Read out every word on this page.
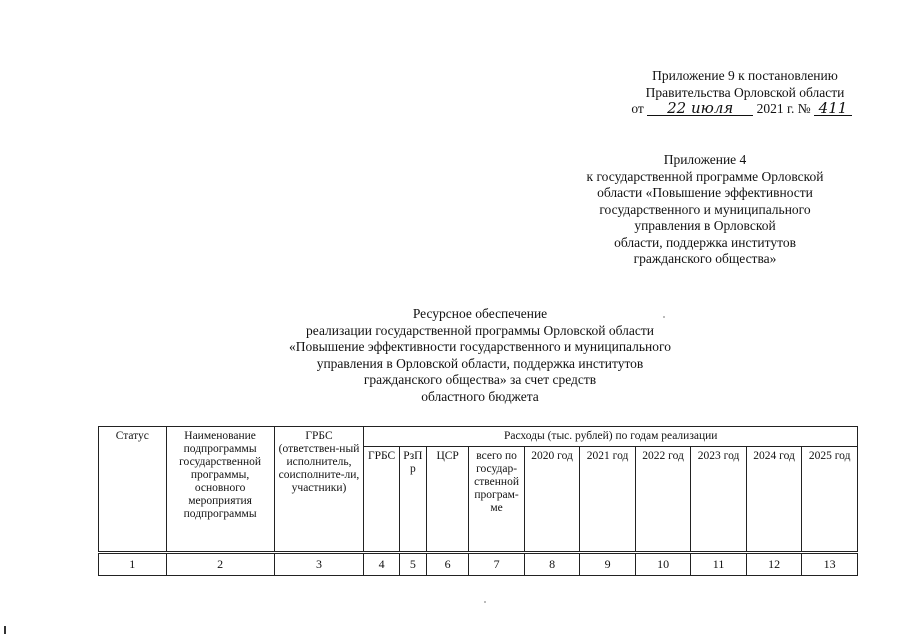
Приложение 9 к постановлению
Правительства Орловской области
от 22 июля 2021 г. № 411
Приложение 4
к государственной программе Орловской
области «Повышение эффективности
государственного и муниципального
управления в Орловской
области, поддержка институтов
гражданского общества»
Ресурсное обеспечение
реализации государственной программы Орловской области
«Повышение эффективности государственного и муниципального
управления в Орловской области, поддержка институтов
гражданского общества» за счет средств
областного бюджета
Статус	Наименование подпрограммы государственной программы, основного мероприятия подпрограммы	ГРБС (ответствен-ный исполнитель, соисполните-ли, участники)	Расходы (тыс. рублей) по годам реализации									
			ГРБС	РзП р	ЦСР	всего по государ-ственной програм-ме	2020 год	2021 год	2022 год	2023 год	2024 год	2025 год
1	2	3	4	5	6	7	8	9	10	11	12	13
